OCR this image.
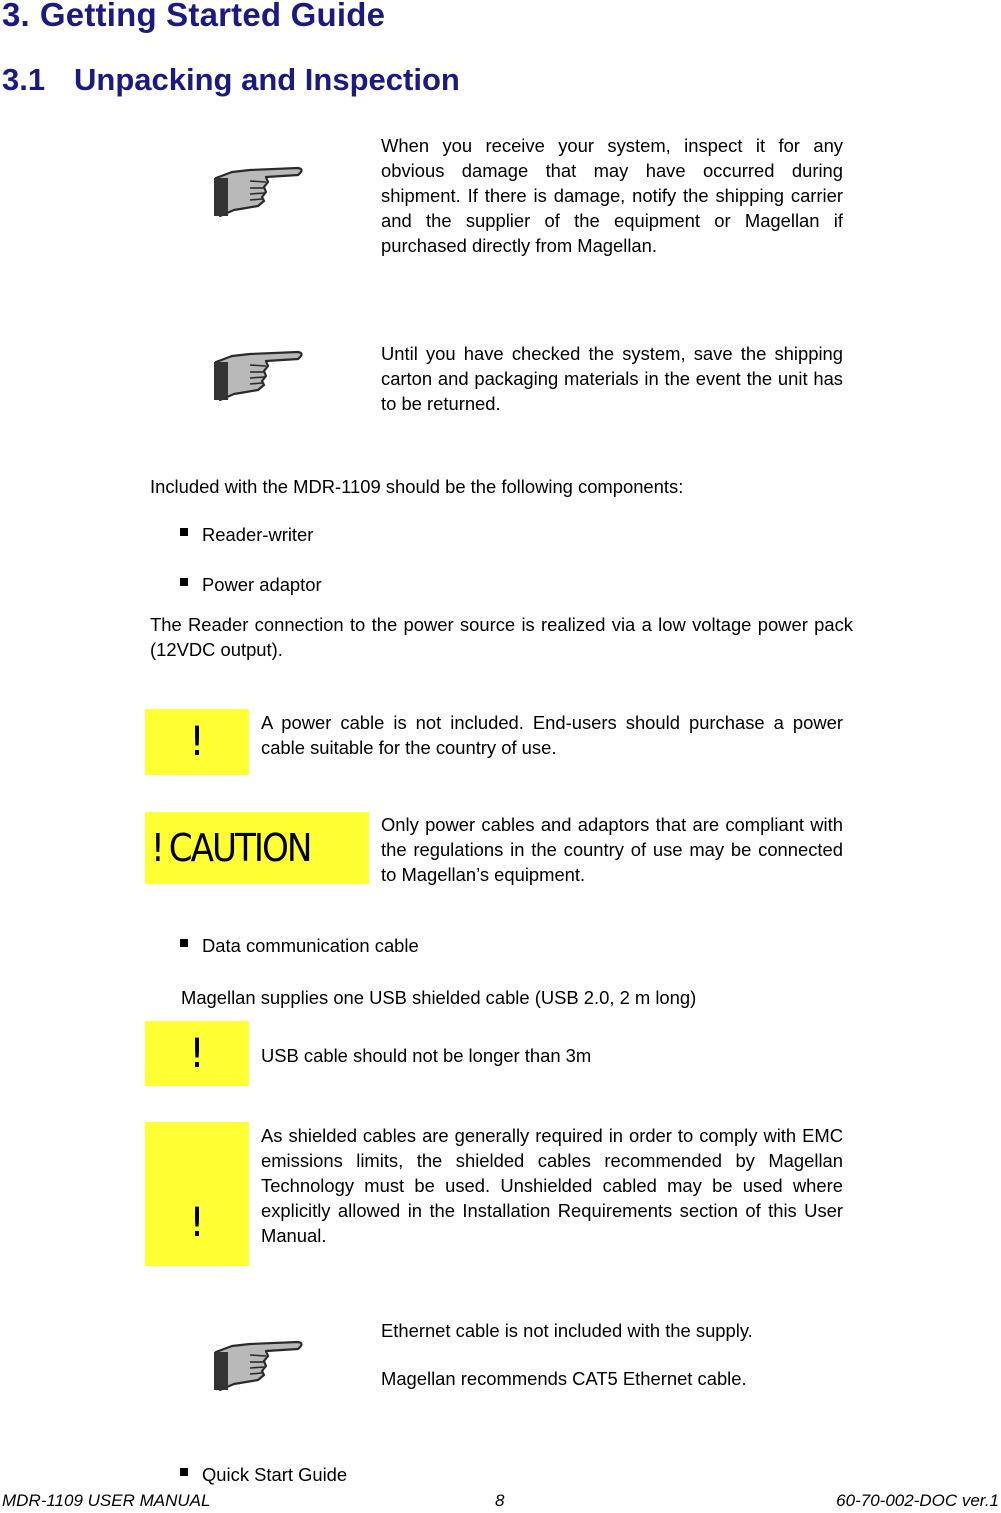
3. Getting Started Guide
3.1 Unpacking and Inspection
When you receive your system, inspect it for any obvious damage that may have occurred during shipment. If there is damage, notify the shipping carrier and the supplier of the equipment or Magellan if purchased directly from Magellan.
Until you have checked the system, save the shipping carton and packaging materials in the event the unit has to be returned.
Included with the MDR-1109 should be the following components:
Reader-writer
Power adaptor
The Reader connection to the power source is realized via a low voltage power pack (12VDC output).
!	A power cable is not included. End-users should purchase a power cable suitable for the country of use.
! CAUTION
Only power cables and adaptors that are compliant with the regulations in the country of use may be connected to Magellan’s equipment.
Data communication cable
Magellan supplies one USB shielded cable (USB 2.0, 2 m long)
!	USB cable should not be longer than 3m
!
As shielded cables are generally required in order to comply with EMC emissions limits, the shielded cables recommended by Magellan Technology must be used. Unshielded cabled may be used where explicitly allowed in the Installation Requirements section of this User Manual.
Ethernet cable is not included with the supply.
Magellan recommends CAT5 Ethernet cable.
Quick Start Guide
MDR-1109 USER MANUAL	8	60-70-002-DOC ver.1
